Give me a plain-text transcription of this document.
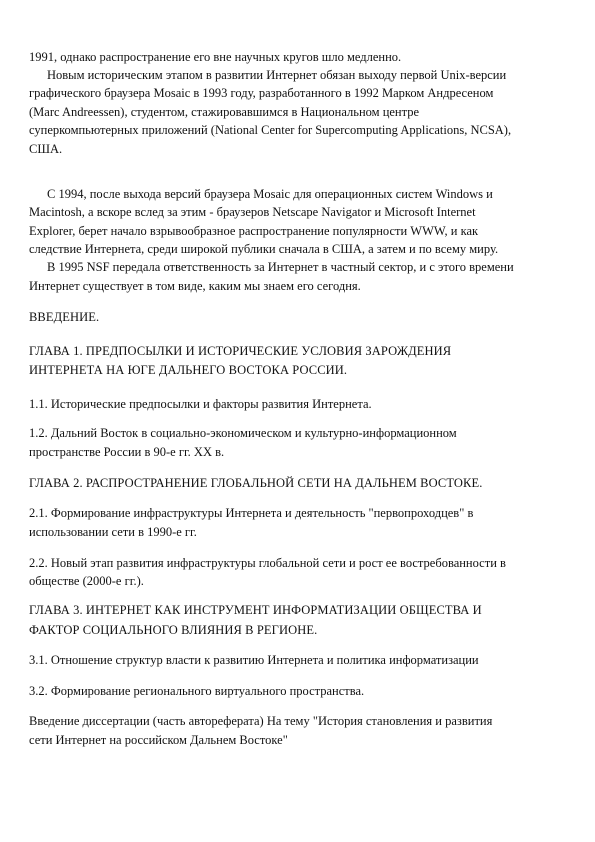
1991, однако распространение его вне научных кругов шло медленно.
Новым историческим этапом в развитии Интернет обязан выходу первой Unix-версии
графического браузера Mosaic в 1993 году, разработанного в 1992 Марком Андресеном
(Marc Andreessen), студентом, стажировавшимся в Национальном центре
суперкомпьютерных приложений (National Center for Supercomputing Applications, NCSA),
США.
С 1994, после выхода версий браузера Mosaic для операционных систем Windows и
Macintosh, а вскоре вслед за этим - браузеров Netscape Navigator и Microsoft Internet
Explorer, берет начало взрывообразное распространение популярности WWW, и как
следствие Интернета, среди широкой публики сначала в США, а затем и по всему миру.
В 1995 NSF передала ответственность за Интернет в частный сектор, и с этого времени
Интернет существует в том виде, каким мы знаем его сегодня.
ВВЕДЕНИЕ.
ГЛАВА 1. ПРЕДПОСЫЛКИ И ИСТОРИЧЕСКИЕ УСЛОВИЯ ЗАРОЖДЕНИЯ
ИНТЕРНЕТА НА ЮГЕ ДАЛЬНЕГО ВОСТОКА РОССИИ.
1.1. Исторические предпосылки и факторы развития Интернета.
1.2. Дальний Восток в социально-экономическом и культурно-информационном
пространстве России в 90-е гг. XX в.
ГЛАВА 2. РАСПРОСТРАНЕНИЕ ГЛОБАЛЬНОЙ СЕТИ НА ДАЛЬНЕМ ВОСТОКЕ.
2.1. Формирование инфраструктуры Интернета и деятельность "первопроходцев" в
использовании сети в 1990-е гг.
2.2. Новый этап развития инфраструктуры глобальной сети и рост ее востребованности в
обществе (2000-е гг.).
ГЛАВА 3. ИНТЕРНЕТ КАК ИНСТРУМЕНТ ИНФОРМАТИЗАЦИИ ОБЩЕСТВА И
ФАКТОР СОЦИАЛЬНОГО ВЛИЯНИЯ В РЕГИОНЕ.
3.1. Отношение структур власти к развитию Интернета и политика информатизации
3.2. Формирование регионального виртуального пространства.
Введение диссертации (часть автореферата) На тему "История становления и развития
сети Интернет на российском Дальнем Востоке"
